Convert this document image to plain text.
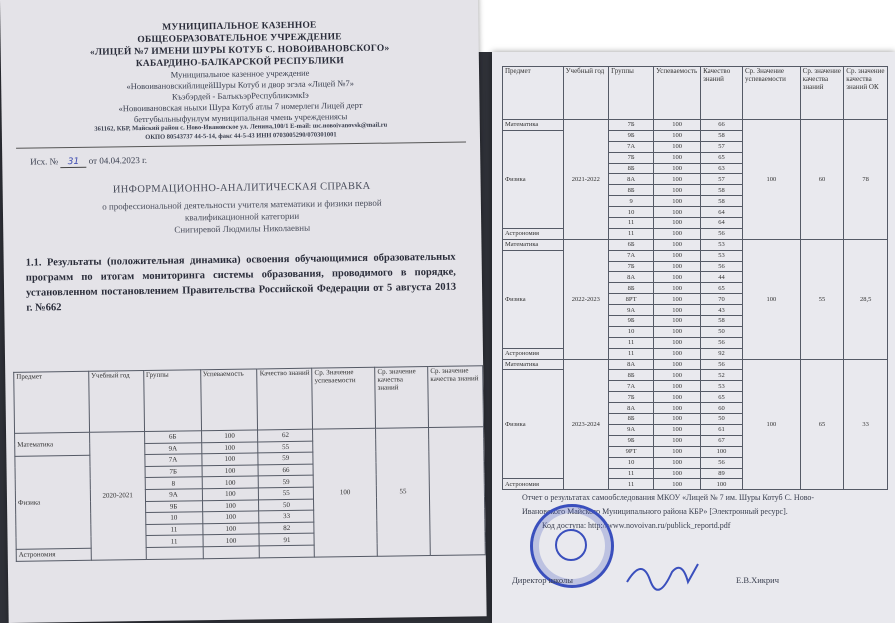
МУНИЦИПАЛЬНОЕ КАЗЕННОЕ
ОБЩЕОБРАЗОВАТЕЛЬНОЕ УЧРЕЖДЕНИЕ
«ЛИЦЕЙ №7 ИМЕНИ ШУРЫ КОТУБ С. НОВОИВАНОВСКОГО»
КАБАРДИНО-БАЛКАРСКОЙ РЕСПУБЛИКИ
Муниципальное казенное учреждение
«НовоивановскийлицейШуры Котуб и двор эгэла «Лицей №7»
Къэбэрдей - БалъкъэрРеспубликэмкIэ
«Новоивановская ньыхи Шура Котуб атлы 7 номерлеги Лицей дерт
бетгубыльныфунлум муниципальная чмень учреждениясы
361162, КБР, Майский район с. Ново-Ивановское ул. Ленина,100/1 E-mail: шс.новоivanovsk@mail.ru
ОКПО 80543737 44-5-14, факс 44-5-43 ИНН 0703005290/070301001
Исх. № 31 от 04.04.2023 г.
ИНФОРМАЦИОННО-АНАЛИТИЧЕСКАЯ СПРАВКА
о профессиональной деятельности учителя математики и физики первой
квалификационной категории
Снигиревой Людмилы Николаевны
1.1. Результаты (положительная динамика) освоения обучающимися образовательных программ по итогам мониторинга системы образования, проводимого в порядке, установленном постановлением Правительства Российской Федерации от 5 августа 2013 г. №662
Предмет	Учебный год	Группы	Успеваемость	Качество знаний	Ср. Значение успеваемости	Ср. значение качества знаний	Ср. значение качества знаний
Математика	2020-2021	6Б	100	62	100	55	
		9А	100	55			
Физика		7А	100	59			
		7Б	100	66			
		8	100	59			
		9А	100	55			
		9Б	100	50			
		10	100	33			
		11	100	82			
		11	100	91			
Астрономия							
Предмет	Учебный год	Группы	Успеваемость	Качество знаний	Ср. Значение успеваемости	Ср. значение качества знаний	Ср. значение качества знаний ОК
Математика	2021-2022	7Б	100	66	100	60	78
Физика		9Б	100	58			
		7А	100	57			
		7Б	100	65			
		8Б	100	63			
		8А	100	57			
		8Б	100	58			
		9	100	58			
		10	100	64			
		11	100	64			
Астрономия		11	100	56			
Математика	2022-2023	6Б	100	53	100	55	28,5
Физика		7А	100	53			
		7Б	100	56			
		8А	100	44			
		8Б	100	65			
		8РТ	100	70			
		9А	100	43			
		9Б	100	58			
		10	100	50			
		11	100	56			
Астрономия		11	100	92			
Математика	2023-2024	8А	100	56	100	65	33
Физика		8Б	100	52			
		7А	100	53			
		7Б	100	65			
		8А	100	60			
		8Б	100	50			
		9А	100	61			
		9Б	100	67			
		9РТ	100	100			
		10	100	56			
		11	100	89			
Астрономия		11	100	100			
Отчет о результатах самообследования МКОУ «Лицей № 7 им. Шуры Котуб С. Ново-
Ивановского Майского Муниципального района КБР» [Электронный ресурс].
Код доступа: http://www.novoivan.ru/publick_reportd.pdf
Директор школы	Е.В.Хикрич
